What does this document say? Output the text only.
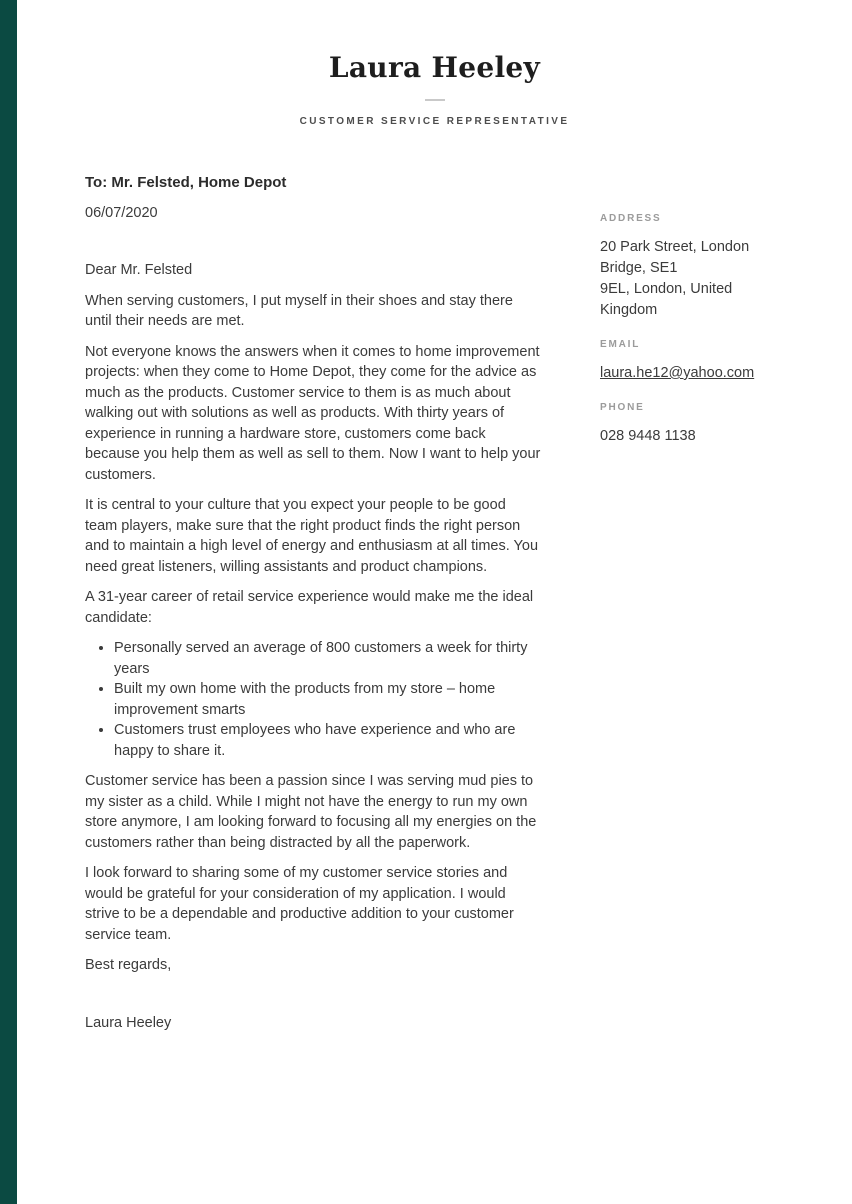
Laura Heeley
CUSTOMER SERVICE REPRESENTATIVE

To: Mr. Felsted, Home Depot

06/07/2020

Dear Mr. Felsted

When serving customers, I put myself in their shoes and stay there until their needs are met.

Not everyone knows the answers when it comes to home improvement projects: when they come to Home Depot, they come for the advice as much as the products. Customer service to them is as much about walking out with solutions as well as products. With thirty years of experience in running a hardware store, customers come back because you help them as well as sell to them. Now I want to help your customers.

It is central to your culture that you expect your people to be good team players, make sure that the right product finds the right person and to maintain a high level of energy and enthusiasm at all times. You need great listeners, willing assistants and product champions.

A 31-year career of retail service experience would make me the ideal candidate:

• Personally served an average of 800 customers a week for thirty years
• Built my own home with the products from my store – home improvement smarts
• Customers trust employees who have experience and who are happy to share it.

Customer service has been a passion since I was serving mud pies to my sister as a child. While I might not have the energy to run my own store anymore, I am looking forward to focusing all my energies on the customers rather than being distracted by all the paperwork.

I look forward to sharing some of my customer service stories and would be grateful for your consideration of my application. I would strive to be a dependable and productive addition to your customer service team.

Best regards,

Laura Heeley

ADDRESS
20 Park Street, London Bridge, SE1
9EL, London, United Kingdom
EMAIL
laura.he12@yahoo.com
PHONE
028 9448 1138
